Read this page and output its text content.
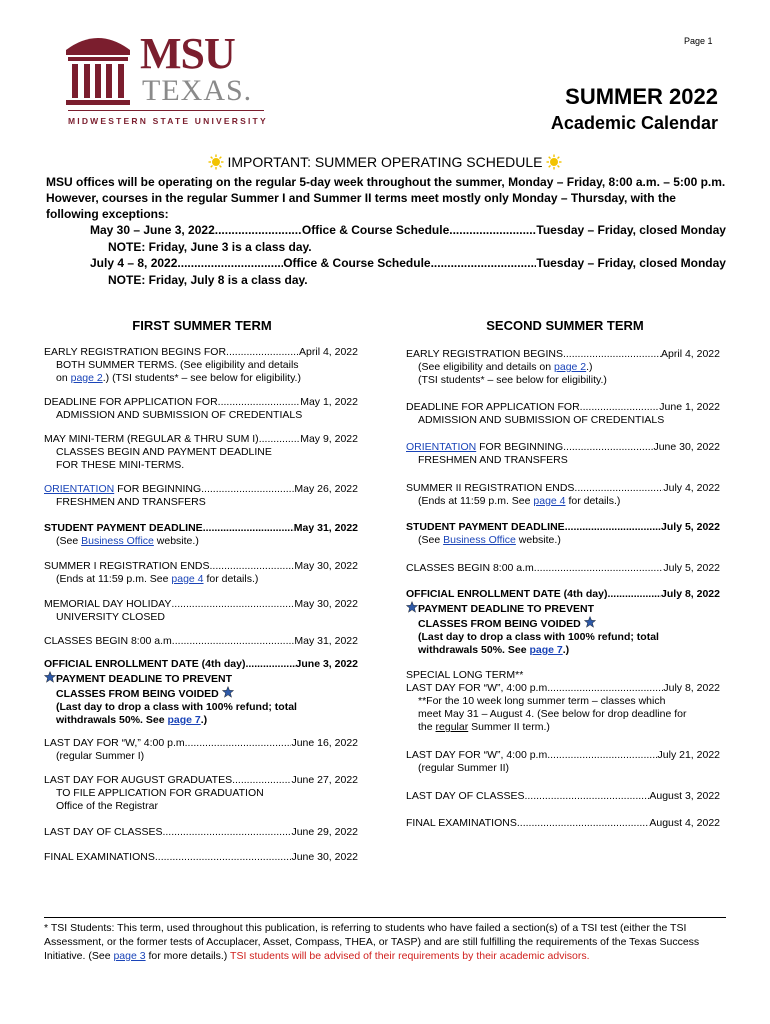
MSU
TEXAS.
MIDWESTERN STATE UNIVERSITY
Page 1
SUMMER 2022
Academic Calendar
IMPORTANT: SUMMER OPERATING SCHEDULE
MSU offices will be operating on the regular 5-day week throughout the summer, Monday – Friday, 8:00 a.m. – 5:00 p.m. However, courses in the regular Summer I and Summer II terms meet mostly only Monday – Thursday, with the following exceptions:
May 30 – June 3, 2022 .....	Office & Course Schedule .....	Tuesday – Friday, closed Monday
NOTE: Friday, June 3 is a class day.
July 4 – 8, 2022 .....	Office & Course Schedule .....	Tuesday – Friday, closed Monday
NOTE: Friday, July 8 is a class day.
FIRST SUMMER TERM	SECOND SUMMER TERM
EARLY REGISTRATION BEGINS FOR .....	April 4, 2022
BOTH SUMMER TERMS. (See eligibility and details
on page 2.) (TSI students* – see below for eligibility.)
DEADLINE FOR APPLICATION FOR .....	May 1, 2022
ADMISSION AND SUBMISSION OF CREDENTIALS
MAY MINI-TERM (REGULAR & THRU SUM I) .....	May 9, 2022
CLASSES BEGIN AND PAYMENT DEADLINE
FOR THESE MINI-TERMS.
ORIENTATION FOR BEGINNING .....	May 26, 2022
FRESHMEN AND TRANSFERS
STUDENT PAYMENT DEADLINE .....	May 31, 2022
(See Business Office website.)
SUMMER I REGISTRATION ENDS .....	May 30, 2022
(Ends at 11:59 p.m. See page 4 for details.)
MEMORIAL DAY HOLIDAY .....	May 30, 2022
UNIVERSITY CLOSED
CLASSES BEGIN 8:00 a.m. .....	May 31, 2022
OFFICIAL ENROLLMENT DATE (4th day) .....	June 3, 2022
PAYMENT DEADLINE TO PREVENT
CLASSES FROM BEING VOIDED
(Last day to drop a class with 100% refund; total
withdrawals 50%. See page 7.)
LAST DAY FOR “W,” 4:00 p.m. .....	June 16, 2022
(regular Summer I)
LAST DAY FOR AUGUST GRADUATES .....	June 27, 2022
TO FILE APPLICATION FOR GRADUATION
Office of the Registrar
LAST DAY OF CLASSES .....	June 29, 2022
FINAL EXAMINATIONS .....	June 30, 2022
EARLY REGISTRATION BEGINS .....	April 4, 2022
(See eligibility and details on page 2.)
(TSI students* – see below for eligibility.)
DEADLINE FOR APPLICATION FOR .....	June 1, 2022
ADMISSION AND SUBMISSION OF CREDENTIALS
ORIENTATION FOR BEGINNING .....	June 30, 2022
FRESHMEN AND TRANSFERS
SUMMER II REGISTRATION ENDS .....	July 4, 2022
(Ends at 11:59 p.m. See page 4 for details.)
STUDENT PAYMENT DEADLINE .....	July 5, 2022
(See Business Office website.)
CLASSES BEGIN 8:00 a.m. .....	July 5, 2022
OFFICIAL ENROLLMENT DATE (4th day) .....	July 8, 2022
PAYMENT DEADLINE TO PREVENT
CLASSES FROM BEING VOIDED
(Last day to drop a class with 100% refund; total
withdrawals 50%. See page 7.)
SPECIAL LONG TERM**
LAST DAY FOR “W”, 4:00 p.m. .....	July 8, 2022
**For the 10 week long summer term – classes which
meet May 31 – August 4. (See below for drop deadline for
the regular Summer II term.)
LAST DAY FOR “W”, 4:00 p.m. .....	July 21, 2022
(regular Summer II)
LAST DAY OF CLASSES .....	August 3, 2022
FINAL EXAMINATIONS .....	August 4, 2022
* TSI Students: This term, used throughout this publication, is referring to students who have failed a section(s) of a TSI test (either the TSI Assessment, or the former tests of Accuplacer, Asset, Compass, THEA, or TASP) and are still fulfilling the requirements of the Texas Success Initiative. (See page 3 for more details.) TSI students will be advised of their requirements by their academic advisors.
